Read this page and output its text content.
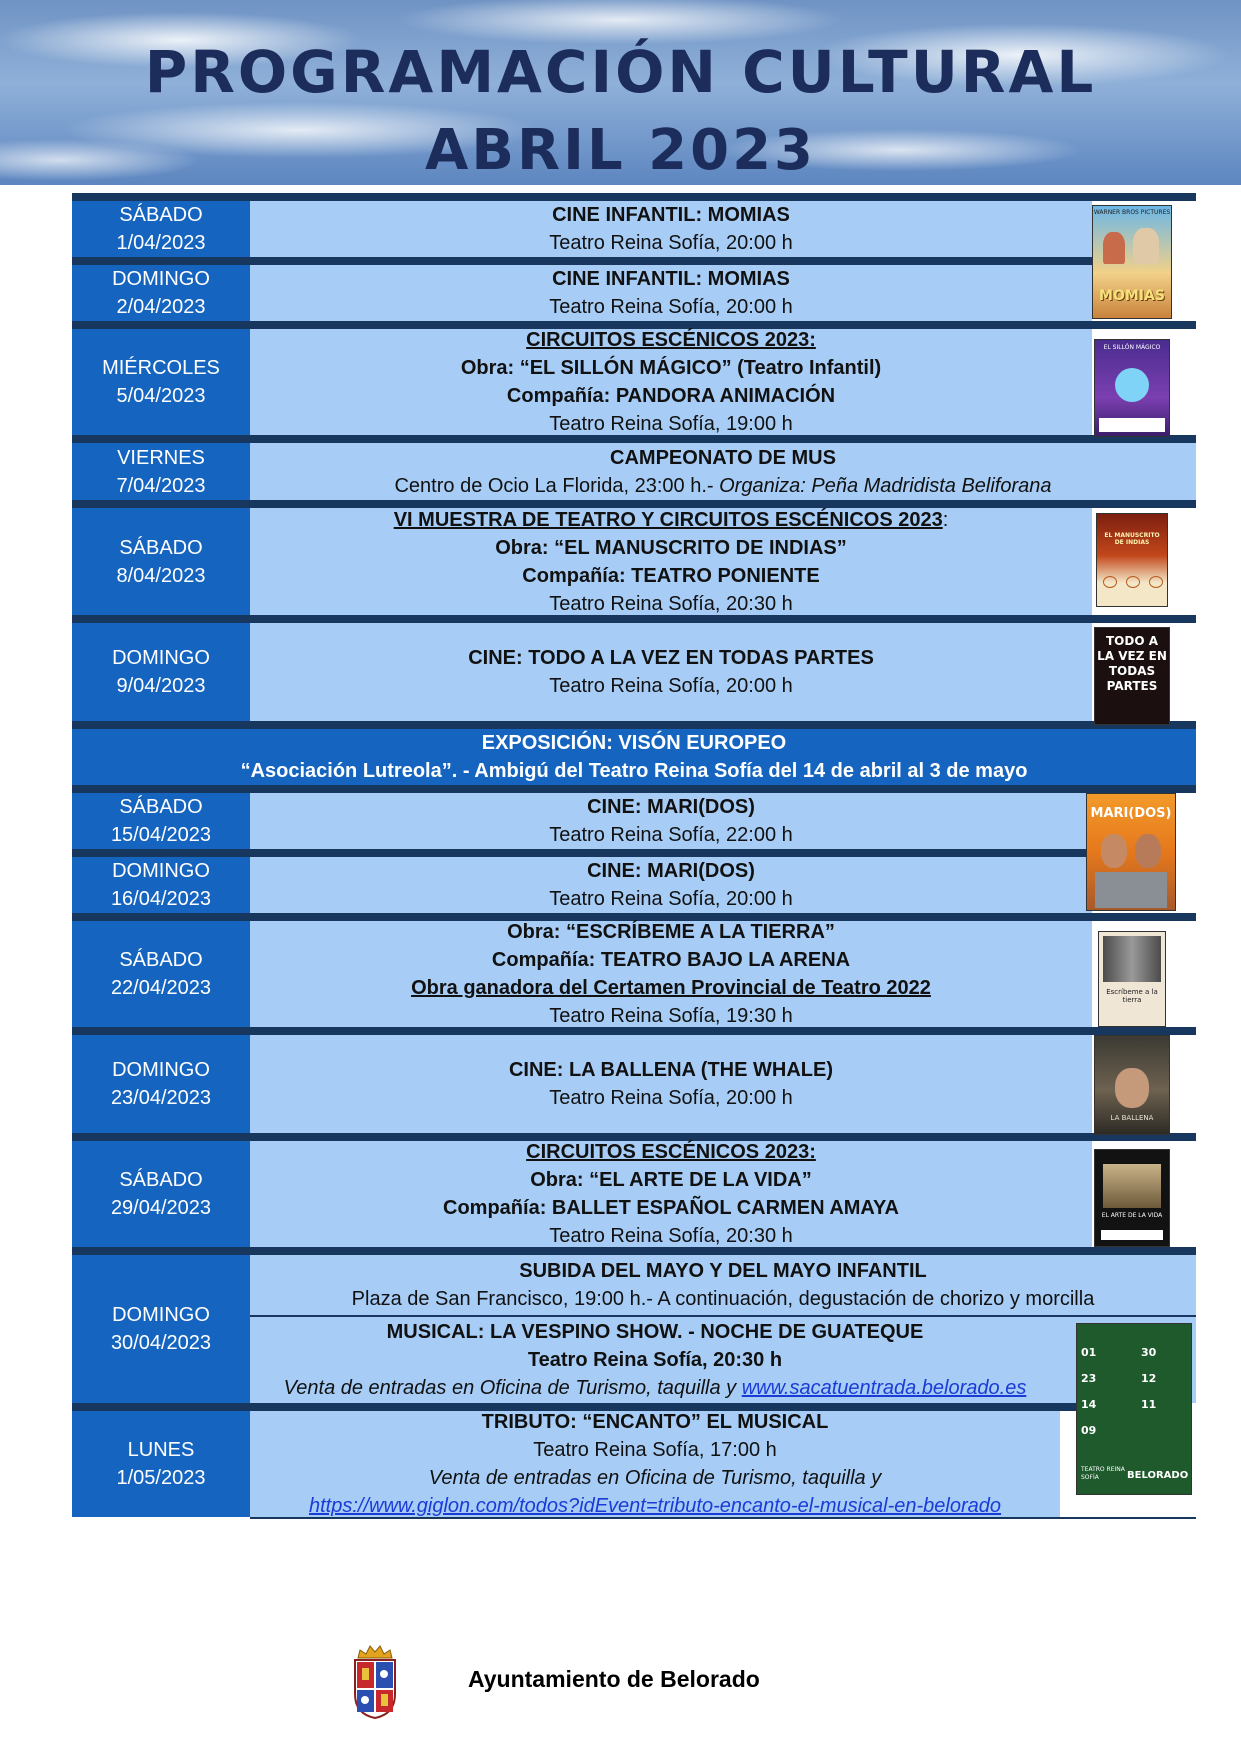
PROGRAMACIÓN CULTURAL
ABRIL 2023
SÁBADO
1/04/2023
CINE INFANTIL: MOMIAS
Teatro Reina Sofía, 20:00 h
DOMINGO
2/04/2023
CINE INFANTIL: MOMIAS
Teatro Reina Sofía, 20:00 h
MIÉRCOLES
5/04/2023
CIRCUITOS ESCÉNICOS 2023:
Obra: “EL SILLÓN MÁGICO” (Teatro Infantil)
Compañía: PANDORA ANIMACIÓN
Teatro Reina Sofía, 19:00 h
VIERNES
7/04/2023
CAMPEONATO DE MUS
Centro de Ocio La Florida, 23:00 h.- Organiza: Peña Madridista Beliforana
SÁBADO
8/04/2023
VI MUESTRA DE TEATRO Y CIRCUITOS ESCÉNICOS 2023:
Obra: “EL MANUSCRITO DE INDIAS”
Compañía: TEATRO PONIENTE
Teatro Reina Sofía, 20:30 h
DOMINGO
9/04/2023
CINE: TODO A LA VEZ EN TODAS PARTES
Teatro Reina Sofía, 20:00 h
EXPOSICIÓN: VISÓN EUROPEO
“Asociación Lutreola”. - Ambigú del Teatro Reina Sofía del 14 de abril al 3 de mayo
SÁBADO
15/04/2023
CINE: MARI(DOS)
Teatro Reina Sofía, 22:00 h
DOMINGO
16/04/2023
CINE: MARI(DOS)
Teatro Reina Sofía, 20:00 h
SÁBADO
22/04/2023
Obra: “ESCRÍBEME A LA TIERRA”
Compañía: TEATRO BAJO LA ARENA
Obra ganadora del Certamen Provincial de Teatro 2022
Teatro Reina Sofía, 19:30 h
DOMINGO
23/04/2023
CINE: LA BALLENA (THE WHALE)
Teatro Reina Sofía, 20:00 h
SÁBADO
29/04/2023
CIRCUITOS ESCÉNICOS 2023:
Obra: “EL ARTE DE LA VIDA”
Compañía: BALLET ESPAÑOL CARMEN AMAYA
Teatro Reina Sofía, 20:30 h
DOMINGO
30/04/2023
SUBIDA DEL MAYO Y DEL MAYO INFANTIL
Plaza de San Francisco, 19:00 h.- A continuación, degustación de chorizo y morcilla
MUSICAL: LA VESPINO SHOW. - NOCHE DE GUATEQUE
Teatro Reina Sofía, 20:30 h
Venta de entradas en Oficina de Turismo, taquilla y www.sacatuentrada.belorado.es
LUNES
1/05/2023
TRIBUTO: “ENCANTO” EL MUSICAL
Teatro Reina Sofía, 17:00 h
Venta de entradas en Oficina de Turismo, taquilla y
https://www.giglon.com/todos?idEvent=tributo-encanto-el-musical-en-belorado
WARNER BROS PICTURES
MOMIAS
EL SILLÓN MÁGICO
EL MANUSCRITO DE INDIAS
TODO A LA VEZ EN TODAS PARTES
MARI(DOS)
Escríbeme a la tierra
LA BALLENA
EL ARTE DE LA VIDA
01
23
14
09
30
12
11
TEATRO REINA SOFÍA	BELORADO
Ayuntamiento de Belorado
